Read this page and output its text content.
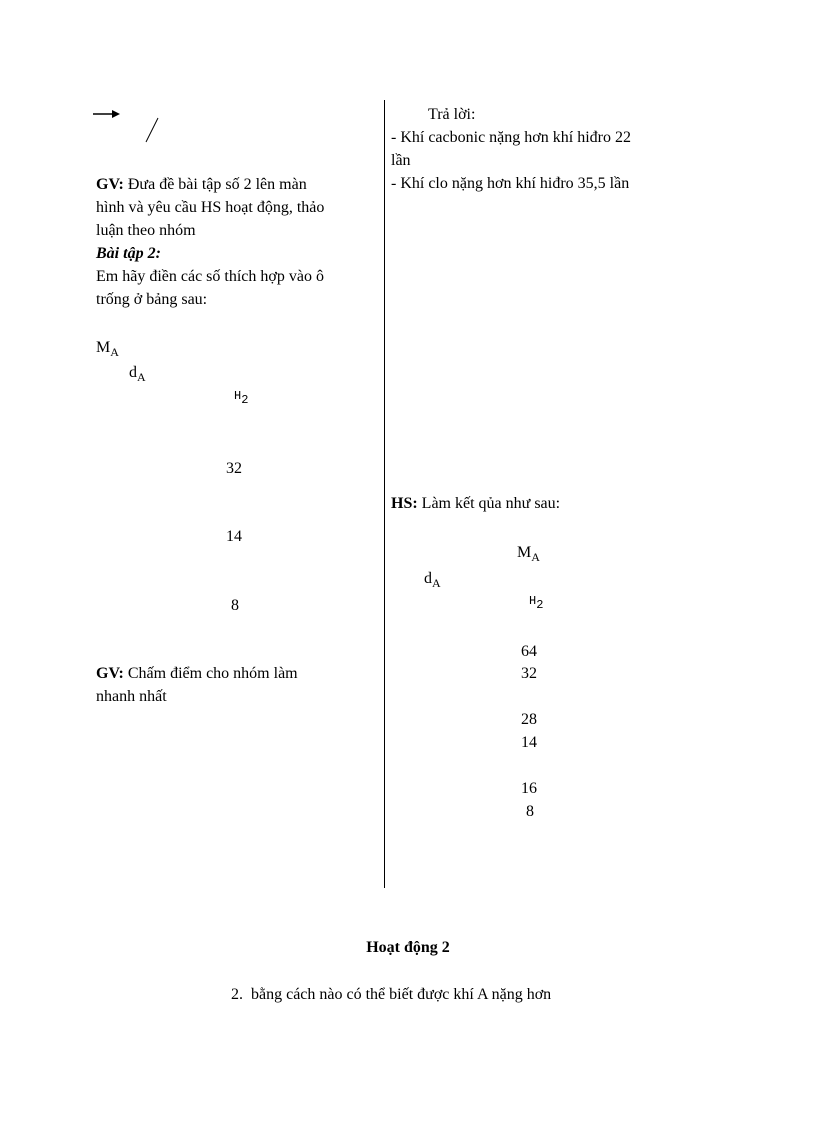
GV: Đưa đề bài tập số 2 lên màn
hình và yêu cầu HS hoạt động, thảo
luận theo nhóm
Bài tập 2:
Em hãy điền các số thích hợp vào ô
trống ở bảng sau:
$M_A$
$d_A$
$H_2$
32
14
8
GV: Chấm điểm cho nhóm làm
nhanh nhất
Trả lời:
- Khí cacbonic nặng hơn khí hiđro 22
lần
- Khí clo nặng hơn khí hiđro 35,5 lần
HS: Làm kết qủa như sau:
$M_A$
$d_A$
$H_2$
64
32
28
14
16
8
Hoạt động 2
2. bằng cách nào có thể biết được khí A nặng hơn
